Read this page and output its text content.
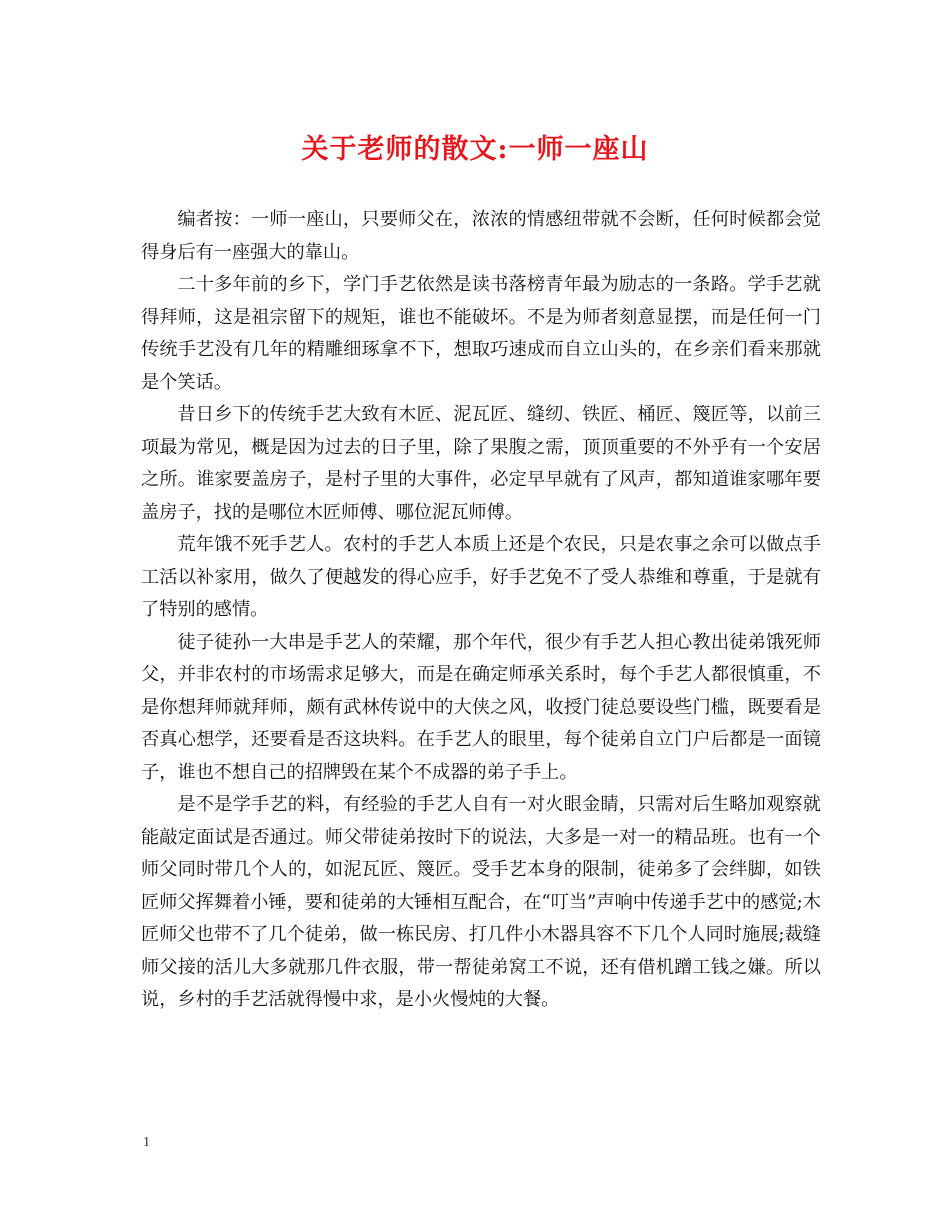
关于老师的散文:一师一座山

编者按：一师一座山，只要师父在，浓浓的情感纽带就不会断，任何时候都会觉得身后有一座强大的靠山。

二十多年前的乡下，学门手艺依然是读书落榜青年最为励志的一条路。学手艺就得拜师，这是祖宗留下的规矩，谁也不能破坏。不是为师者刻意显摆，而是任何一门传统手艺没有几年的精雕细琢拿不下，想取巧速成而自立山头的，在乡亲们看来那就是个笑话。

昔日乡下的传统手艺大致有木匠、泥瓦匠、缝纫、铁匠、桶匠、篾匠等，以前三项最为常见，概是因为过去的日子里，除了果腹之需，顶顶重要的不外乎有一个安居之所。谁家要盖房子，是村子里的大事件，必定早早就有了风声，都知道谁家哪年要盖房子，找的是哪位木匠师傅、哪位泥瓦师傅。

荒年饿不死手艺人。农村的手艺人本质上还是个农民，只是农事之余可以做点手工活以补家用，做久了便越发的得心应手，好手艺免不了受人恭维和尊重，于是就有了特别的感情。

徒子徒孙一大串是手艺人的荣耀，那个年代，很少有手艺人担心教出徒弟饿死师父，并非农村的市场需求足够大，而是在确定师承关系时，每个手艺人都很慎重，不是你想拜师就拜师，颇有武林传说中的大侠之风，收授门徒总要设些门槛，既要看是否真心想学，还要看是否这块料。在手艺人的眼里，每个徒弟自立门户后都是一面镜子，谁也不想自己的招牌毁在某个不成器的弟子手上。

是不是学手艺的料，有经验的手艺人自有一对火眼金睛，只需对后生略加观察就能敲定面试是否通过。师父带徒弟按时下的说法，大多是一对一的精品班。也有一个师父同时带几个人的，如泥瓦匠、篾匠。受手艺本身的限制，徒弟多了会绊脚，如铁匠师父挥舞着小锤，要和徒弟的大锤相互配合，在“叮当”声响中传递手艺中的感觉;木匠师父也带不了几个徒弟，做一栋民房、打几件小木器具容不下几个人同时施展;裁缝师父接的活儿大多就那几件衣服，带一帮徒弟窝工不说，还有借机蹭工钱之嫌。所以说，乡村的手艺活就得慢中求，是小火慢炖的大餐。

1
